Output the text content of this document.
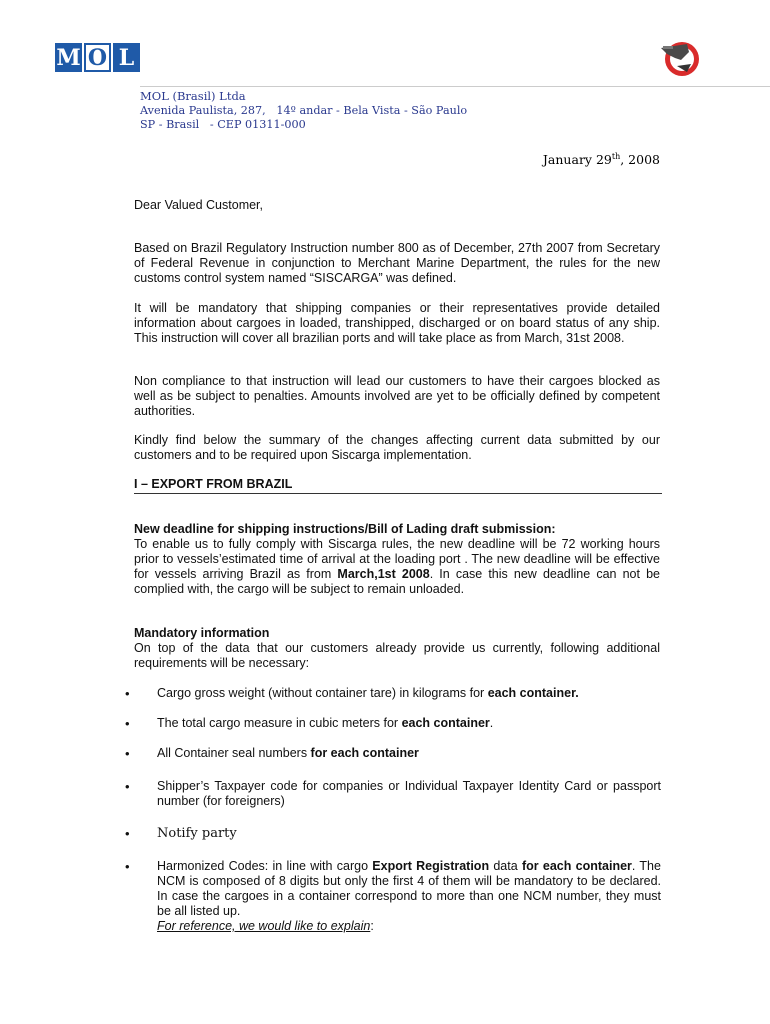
M O L
MOL (Brasil) Ltda
Avenida Paulista, 287,   14º andar - Bela Vista - São Paulo
SP - Brasil   - CEP 01311-000
January 29th, 2008
Dear Valued Customer,
Based on Brazil Regulatory Instruction number 800 as of December, 27th 2007 from Secretary of Federal Revenue in conjunction to Merchant Marine Department, the rules for the new customs control system named “SISCARGA” was defined.
It will be mandatory that shipping companies or their representatives provide detailed information about cargoes in loaded, transhipped, discharged or on board status of any ship. This instruction will cover all brazilian ports and will take place as from March, 31st 2008.
Non compliance to that instruction will lead our customers to have their cargoes blocked as well as be subject to penalties. Amounts involved are yet to be officially defined by competent authorities.
Kindly find below the summary of the changes affecting current data submitted by our customers and to be required upon Siscarga implementation.
I – EXPORT FROM BRAZIL
New deadline for shipping instructions/Bill of Lading draft submission:
To enable us to fully comply with Siscarga rules, the new deadline will be 72 working hours prior to vessels’estimated time of arrival at the loading port . The new deadline will be effective for vessels arriving Brazil as from March,1st 2008. In case this new deadline can not be complied with, the cargo will be subject to remain unloaded.
Mandatory information
On top of the data that our customers already provide us currently, following additional requirements will be necessary:
•	Cargo gross weight (without container tare) in kilograms for each container.
•	The total cargo measure in cubic meters for each container.
•	All Container seal numbers for each container
•	Shipper’s Taxpayer code for companies or Individual Taxpayer Identity Card or passport number (for foreigners)
•	Notify party
•	Harmonized Codes: in line with cargo Export Registration data for each container. The NCM is composed of 8 digits but only the first 4 of them will be mandatory to be declared. In case the cargoes in a container correspond to more than one NCM number, they must be all listed up.
For reference, we would like to explain:
